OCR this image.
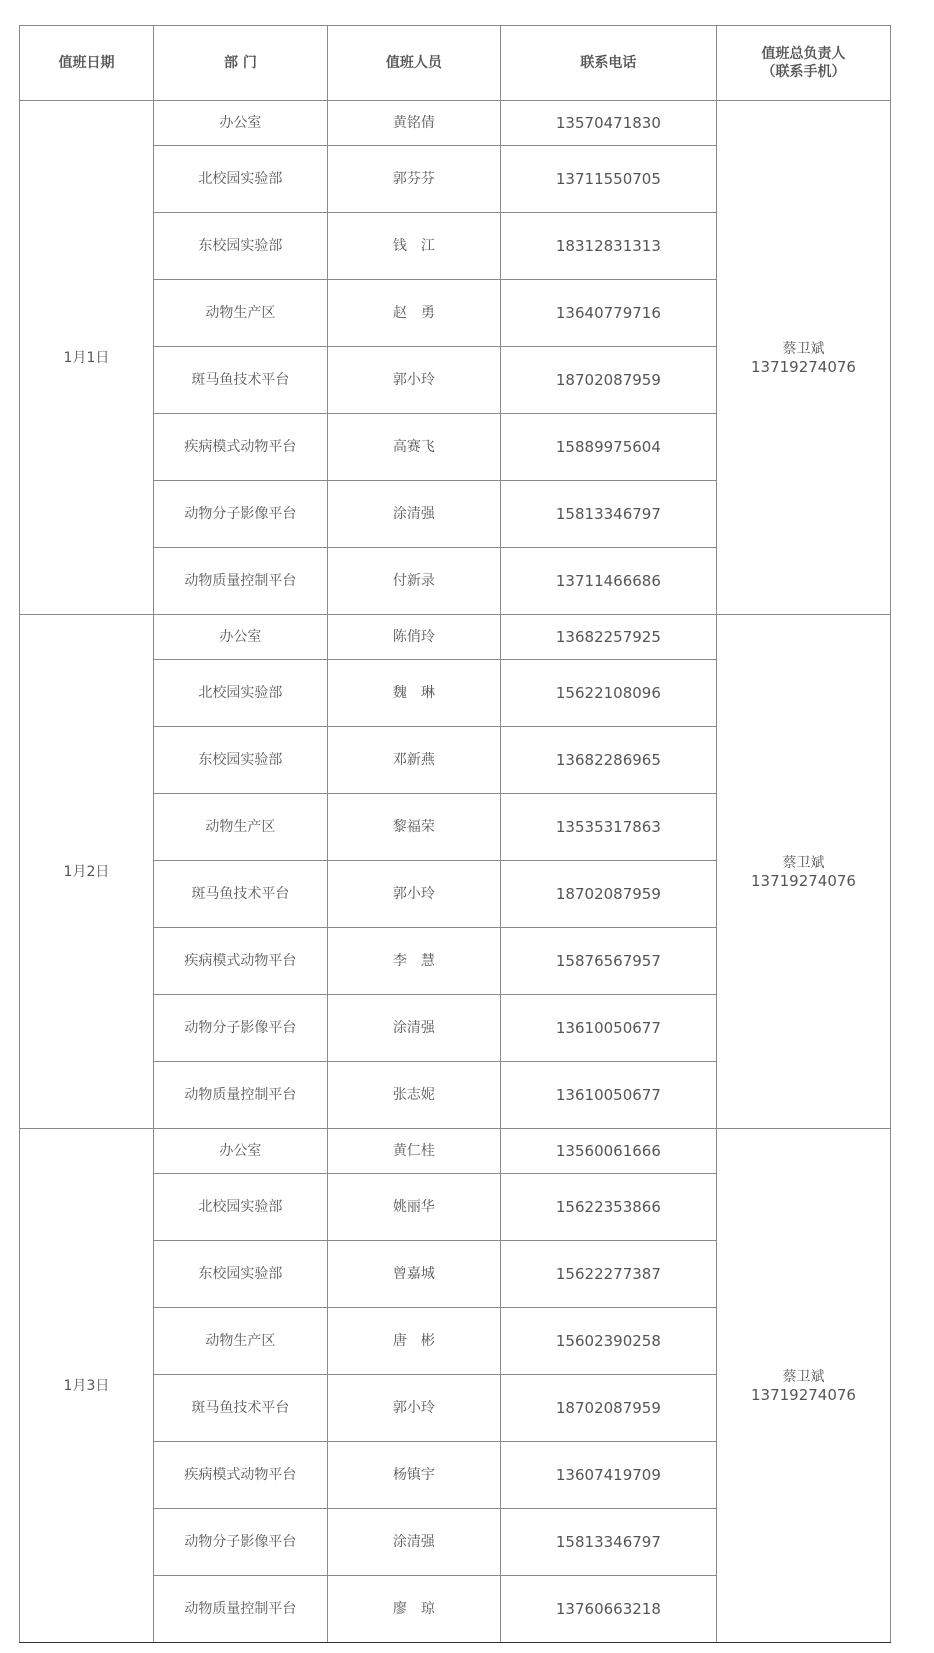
值班日期	部 门	值班人员	联系电话	值班总负责人
（联系手机）

1月1日	办公室	黄铭倩	13570471830	蔡卫斌
13719274076

	北校园实验部	郭芬芬	13711550705	
	东校园实验部	钱　江	18312831313	
	动物生产区	赵　勇	13640779716	
	斑马鱼技术平台	郭小玲	18702087959	
	疾病模式动物平台	高赛飞	15889975604	
	动物分子影像平台	涂清强	15813346797	
	动物质量控制平台	付新录	13711466686	
1月2日	办公室	陈俏玲	13682257925	蔡卫斌
13719274076

	北校园实验部	魏　琳	15622108096	
	东校园实验部	邓新燕	13682286965	
	动物生产区	黎福荣	13535317863	
	斑马鱼技术平台	郭小玲	18702087959	
	疾病模式动物平台	李　慧	15876567957	
	动物分子影像平台	涂清强	13610050677	
	动物质量控制平台	张志妮	13610050677	
1月3日	办公室	黄仁桂	13560061666	蔡卫斌
13719274076

	北校园实验部	姚丽华	15622353866	
	东校园实验部	曾嘉城	15622277387	
	动物生产区	唐　彬	15602390258	
	斑马鱼技术平台	郭小玲	18702087959	
	疾病模式动物平台	杨镇宇	13607419709	
	动物分子影像平台	涂清强	15813346797	
	动物质量控制平台	廖　琼	13760663218	
